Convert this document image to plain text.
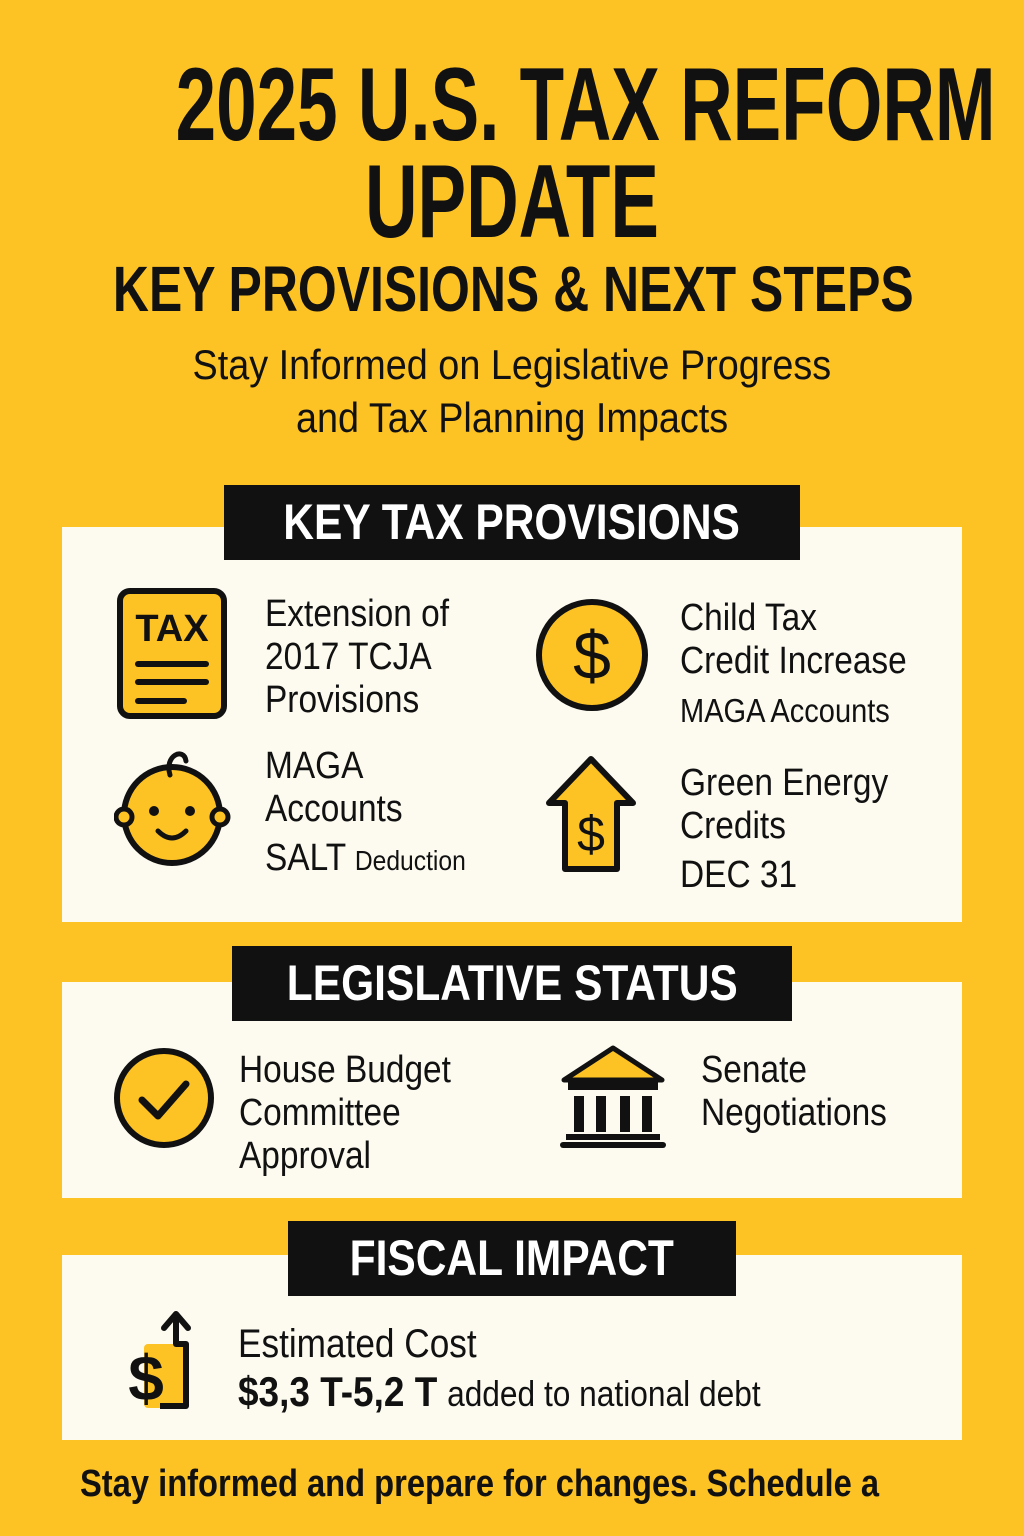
2025 U.S. TAX REFORM
UPDATE
KEY PROVISIONS & NEXT STEPS
Stay Informed on Legislative Progress
and Tax Planning Impacts
KEY TAX PROVISIONS
TAX Extension of
2017 TCJA
Provisions
$ Child Tax
Credit Increase
MAGA Accounts
MAGA
Accounts
SALT Deduction $
Green Energy
Credits
DEC 31
LEGISLATIVE STATUS
House Budget
Committee
Approval
Senate
Negotiations
FISCAL IMPACT
$ Estimated Cost
$3,3 T-5,2 T added to national debt
Stay informed and prepare for changes. Schedule a
